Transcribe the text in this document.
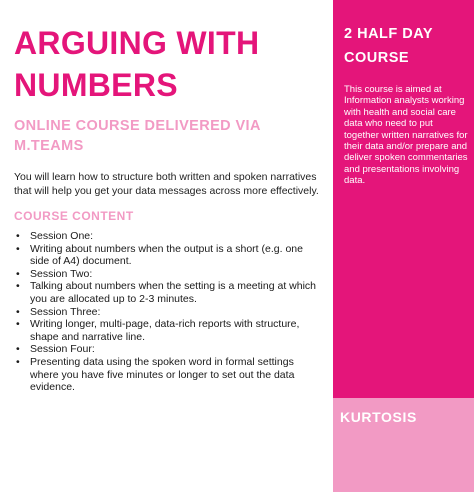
ARGUING WITH
NUMBERS
ONLINE COURSE DELIVERED VIA
M.TEAMS

You will learn how to structure both written and spoken narratives that will help you get your data messages across more effectively.

COURSE CONTENT
• Session One:
• Writing about numbers when the output is a short (e.g. one side of A4) document.
• Session Two:
• Talking about numbers when the setting is a meeting at which you are allocated up to 2-3 minutes.
• Session Three:
• Writing longer, multi-page, data-rich reports with structure, shape and narrative line.
• Session Four:
• Presenting data using the spoken word in formal settings where you have five minutes or longer to set out the data evidence.
2 HALF DAY
COURSE

This course is aimed at Information analysts working with health and social care data who need to put together written narratives for their data and/or prepare and deliver spoken commentaries and presentations involving data.

KURTOSIS
